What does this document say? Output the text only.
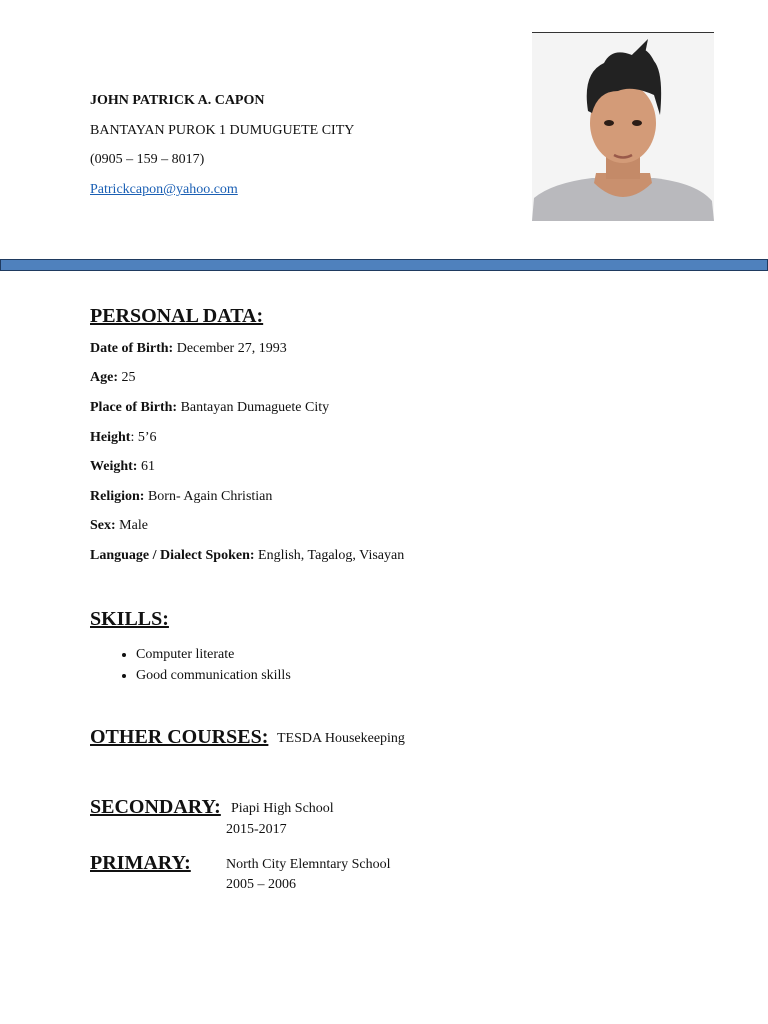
JOHN PATRICK A. CAPON
BANTAYAN PUROK 1 DUMUGUETE CITY
(0905 – 159 – 8017)
Patrickcapon@yahoo.com
PERSONAL DATA:
Date of Birth: December 27, 1993
Age: 25
Place of Birth: Bantayan Dumaguete City
Height: 5’6
Weight: 61
Religion: Born- Again Christian
Sex: Male
Language / Dialect Spoken: English, Tagalog, Visayan
SKILLS:
• Computer literate
• Good communication skills
OTHER COURSES: TESDA Housekeeping
SECONDARY: Piapi High School
2015-2017
PRIMARY:	North City Elemntary School
2005 – 2006
